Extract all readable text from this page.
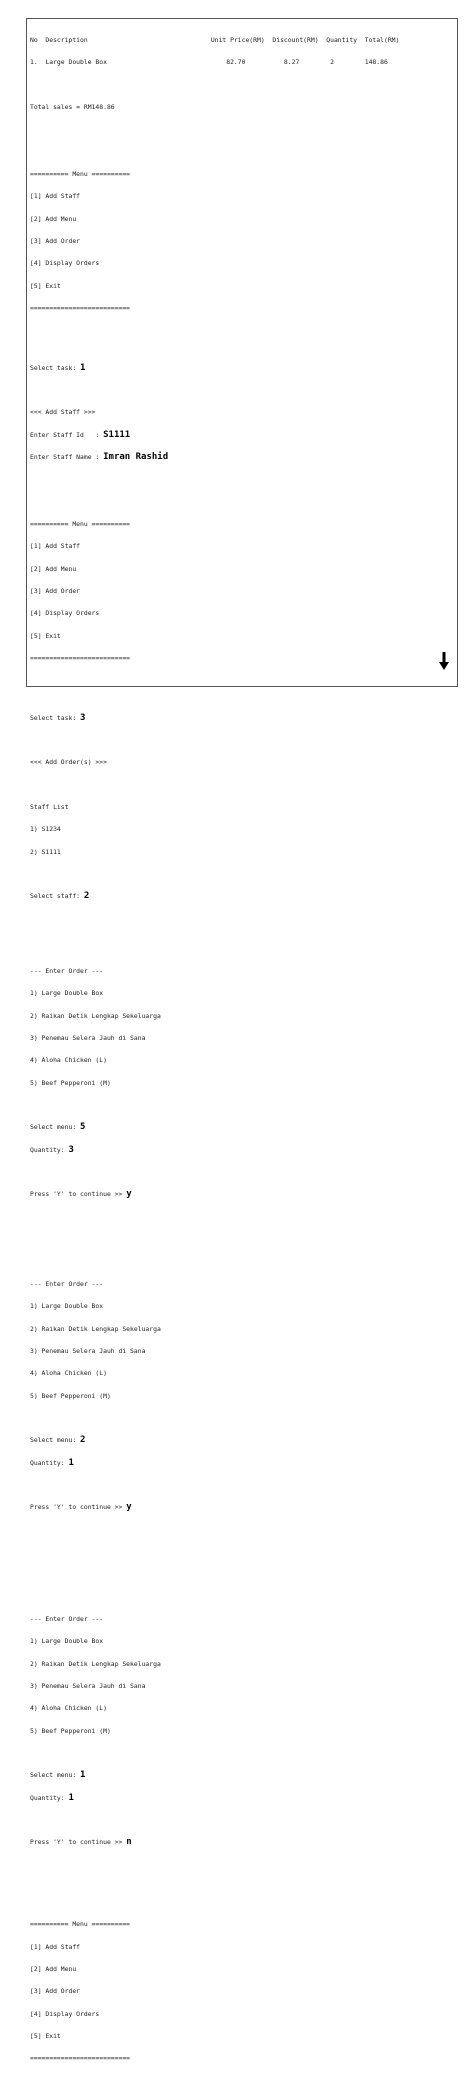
No  Description                                Unit Price(RM)  Discount(RM)  Quantity  Total(RM)

1.  Large Double Box                               82.70          8.27        2        148.86

Total sales = RM148.86

========== Menu ==========

[1] Add Staff

[2] Add Menu

[3] Add Order

[4] Display Orders

[5] Exit

==========================

Select task: 1

<<< Add Staff >>>

Enter Staff Id   : S1111

Enter Staff Name : Imran Rashid

========== Menu ==========

[1] Add Staff

[2] Add Menu

[3] Add Order

[4] Display Orders

[5] Exit

==========================

Select task: 3

<<< Add Order(s) >>>

Staff List

1) S1234

2) S1111

Select staff: 2

--- Enter Order ---

1) Large Double Box

2) Raikan Detik Lengkap Sekeluarga

3) Penemau Selera Jauh di Sana

4) Aloha Chicken (L)

5) Beef Pepperoni (M)

Select menu: 5

Quantity: 3

Press 'Y' to continue >> y

--- Enter Order ---

1) Large Double Box

2) Raikan Detik Lengkap Sekeluarga

3) Penemau Selera Jauh di Sana

4) Aloha Chicken (L)

5) Beef Pepperoni (M)

Select menu: 2

Quantity: 1

Press 'Y' to continue >> y

--- Enter Order ---

1) Large Double Box

2) Raikan Detik Lengkap Sekeluarga

3) Penemau Selera Jauh di Sana

4) Aloha Chicken (L)

5) Beef Pepperoni (M)

Select menu: 1

Quantity: 1

Press 'Y' to continue >> n

========== Menu ==========

[1] Add Staff

[2] Add Menu

[3] Add Order

[4] Display Orders

[5] Exit

==========================
